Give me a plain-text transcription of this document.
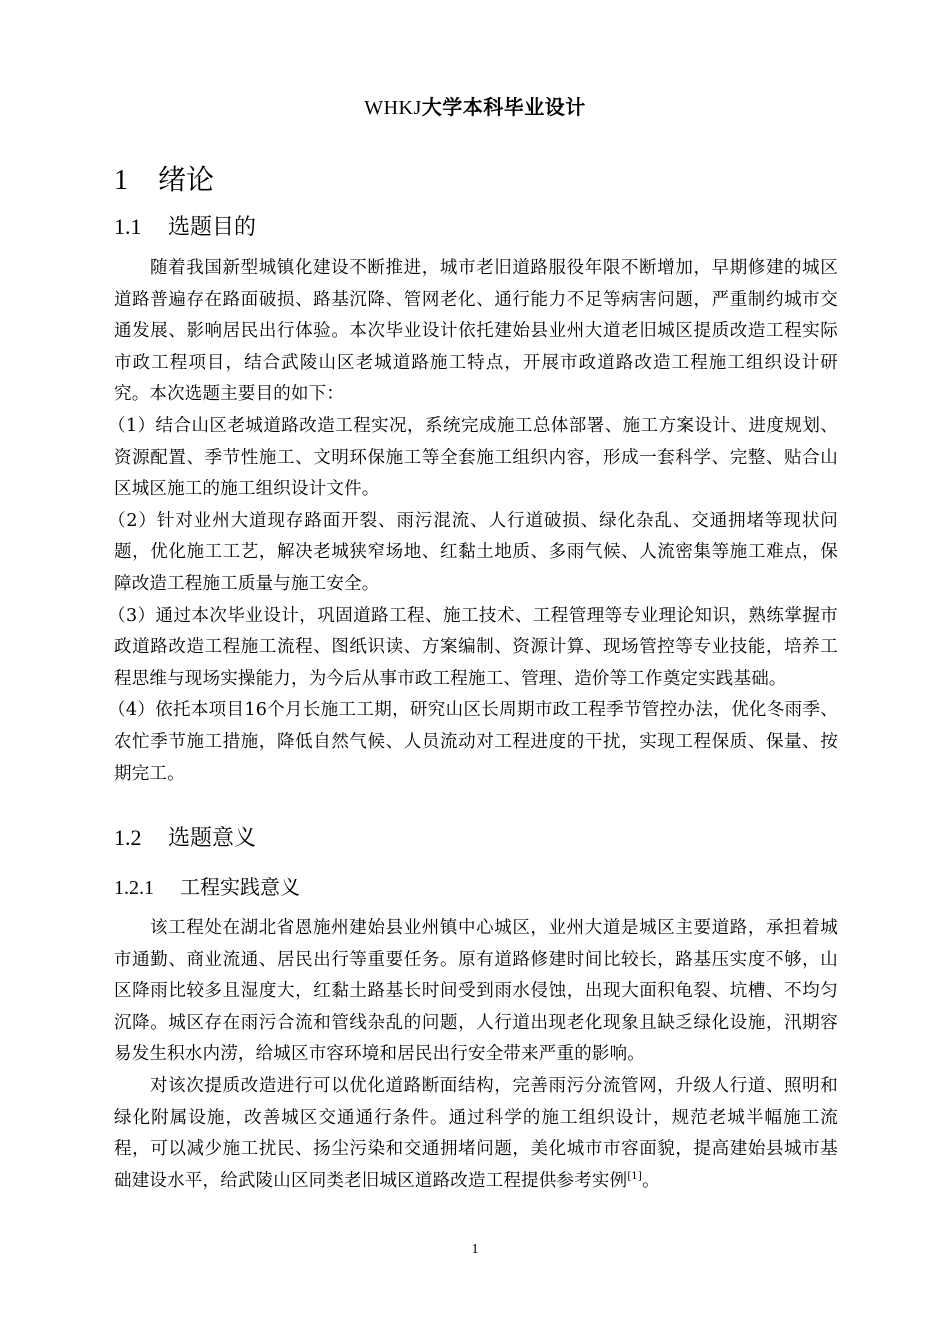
WHKJ大学本科毕业设计
1 绪论
1.1 选题目的
随着我国新型城镇化建设不断推进，城市老旧道路服役年限不断增加，早期修建的城区道路普遍存在路面破损、路基沉降、管网老化、通行能力不足等病害问题，严重制约城市交通发展、影响居民出行体验。本次毕业设计依托建始县业州大道老旧城区提质改造工程实际市政工程项目，结合武陵山区老城道路施工特点，开展市政道路改造工程施工组织设计研究。本次选题主要目的如下：
（1）结合山区老城道路改造工程实况，系统完成施工总体部署、施工方案设计、进度规划、资源配置、季节性施工、文明环保施工等全套施工组织内容，形成一套科学、完整、贴合山区城区施工的施工组织设计文件。
（2）针对业州大道现存路面开裂、雨污混流、人行道破损、绿化杂乱、交通拥堵等现状问题，优化施工工艺，解决老城狭窄场地、红黏土地质、多雨气候、人流密集等施工难点，保障改造工程施工质量与施工安全。
（3）通过本次毕业设计，巩固道路工程、施工技术、工程管理等专业理论知识，熟练掌握市政道路改造工程施工流程、图纸识读、方案编制、资源计算、现场管控等专业技能，培养工程思维与现场实操能力，为今后从事市政工程施工、管理、造价等工作奠定实践基础。
（4）依托本项目16个月长施工工期，研究山区长周期市政工程季节管控办法，优化冬雨季、农忙季节施工措施，降低自然气候、人员流动对工程进度的干扰，实现工程保质、保量、按期完工。
1.2 选题意义
1.2.1 工程实践意义
该工程处在湖北省恩施州建始县业州镇中心城区，业州大道是城区主要道路，承担着城市通勤、商业流通、居民出行等重要任务。原有道路修建时间比较长，路基压实度不够，山区降雨比较多且湿度大，红黏土路基长时间受到雨水侵蚀，出现大面积龟裂、坑槽、不均匀沉降。城区存在雨污合流和管线杂乱的问题，人行道出现老化现象且缺乏绿化设施，汛期容易发生积水内涝，给城区市容环境和居民出行安全带来严重的影响。
对该次提质改造进行可以优化道路断面结构，完善雨污分流管网，升级人行道、照明和绿化附属设施，改善城区交通通行条件。通过科学的施工组织设计，规范老城半幅施工流程，可以减少施工扰民、扬尘污染和交通拥堵问题，美化城市市容面貌，提高建始县城市基础建设水平，给武陵山区同类老旧城区道路改造工程提供参考实例[1]。
1
